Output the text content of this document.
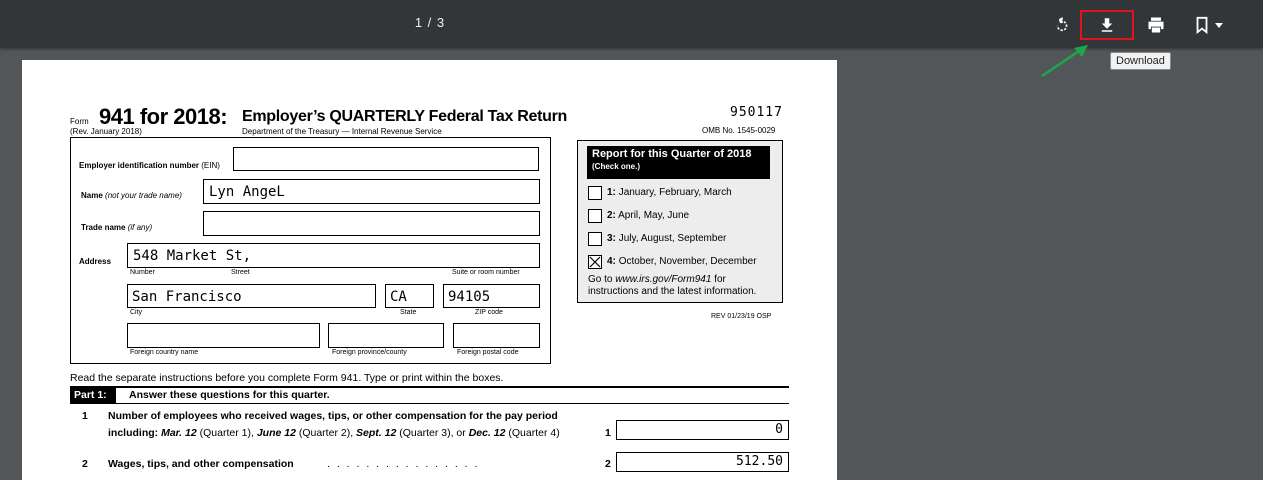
1 / 3
Download
Form 941 for 2018: Employer’s QUARTERLY Federal Tax Return
(Rev. January 2018)	Department of the Treasury — Internal Revenue Service
950117
OMB No. 1545-0029
Employer identification number (EIN)
Name (not your trade name) Lyn AngeL
Trade name (if any)
Address 548 Market St,
Number	Street	Suite or room number
San Francisco	CA	94105
City	State	ZIP code
Foreign country name	Foreign province/county	Foreign postal code
Report for this Quarter of 2018
(Check one.)
1: January, February, March
2: April, May, June
3: July, August, September
4: October, November, December
Go to www.irs.gov/Form941 for
instructions and the latest information.
REV 01/23/19 OSP
Read the separate instructions before you complete Form 941. Type or print within the boxes.
Part 1:	Answer these questions for this quarter.
1 Number of employees who received wages, tips, or other compensation for the pay period
including: Mar. 12 (Quarter 1), June 12 (Quarter 2), Sept. 12 (Quarter 3), or Dec. 12 (Quarter 4)	1	0
2 Wages, tips, and other compensation	. . . . . . . . . . . . . . . .	2	512.50
